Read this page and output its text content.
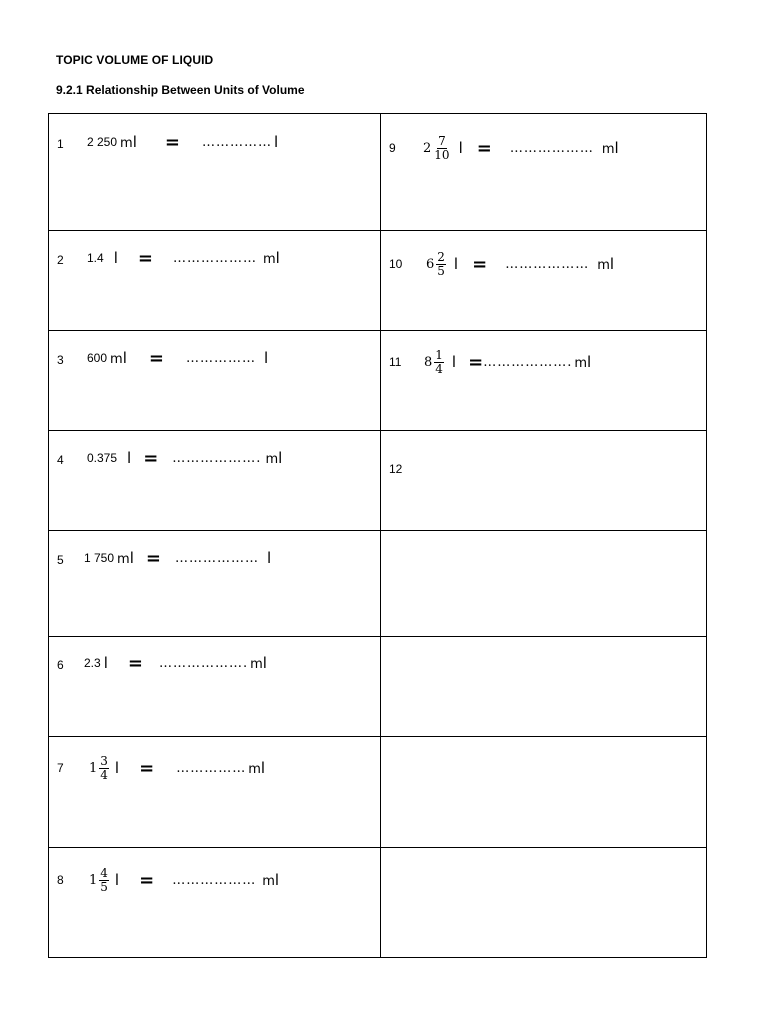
TOPIC VOLUME OF LIQUID
9.2.1 Relationship Between Units of Volume
1 2 250 ml = …………… l
2 1.4 l = ……………… ml
3 600 ml = …………… l
4 0.375 l = ………………. ml
5 1 750 ml = ……………… l
6 2.3 l = ………………. ml
7 $1 \frac{3}{4}$ l = …………… ml
8 $1 \frac{4}{5}$ l = ……………… ml
9 $2 \frac{7}{10}$ l = ……………… ml
10 $6 \frac{2}{5}$ l = ……………… ml
11 $8 \frac{1}{4}$ l = ………………. ml
12
